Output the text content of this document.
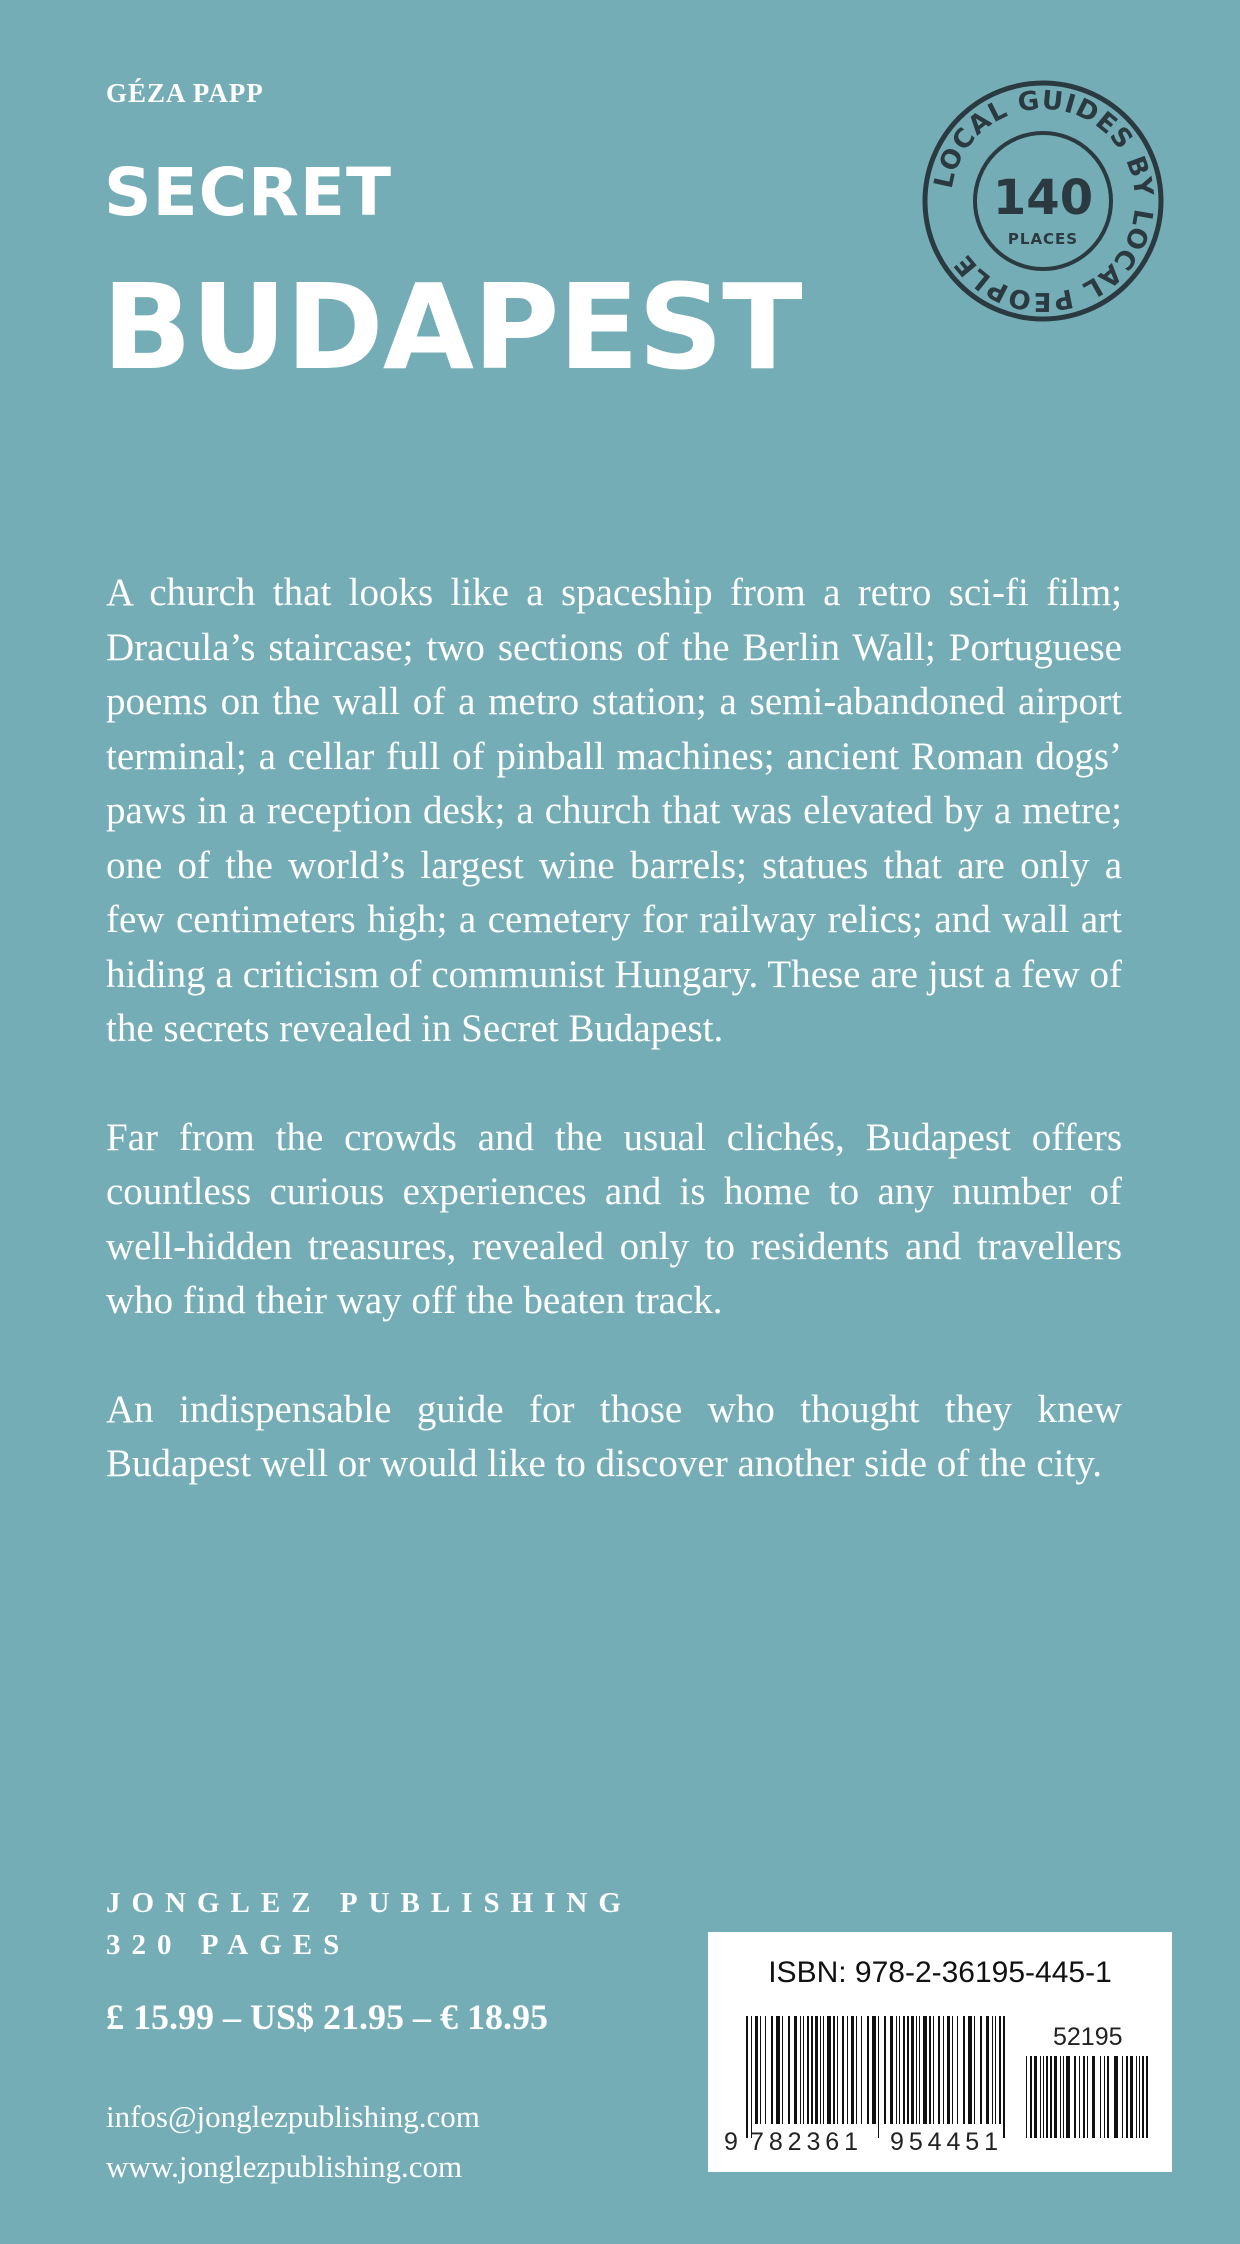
GÉZA PAPP
SECRET
BUDAPEST
LOCAL GUIDES BY LOCAL PEOPLE
140
PLACES

A church that looks like a spaceship from a retro sci-fi film; Dracula’s staircase; two sections of the Berlin Wall; Portuguese poems on the wall of a metro station; a semi-abandoned airport terminal; a cellar full of pinball machines; ancient Roman dogs’ paws in a reception desk; a church that was elevated by a metre; one of the world’s largest wine barrels; statues that are only a few centimeters high; a cemetery for railway relics; and wall art hiding a criticism of communist Hungary. These are just a few of the secrets revealed in Secret Budapest.

Far from the crowds and the usual clichés, Budapest offers countless curious experiences and is home to any number of well-hidden treasures, revealed only to residents and travellers who find their way off the beaten track.

An indispensable guide for those who thought they knew Budapest well or would like to discover another side of the city.

JONGLEZ PUBLISHING
320 PAGES
£ 15.99 – US$ 21.95 – € 18.95
infos@jonglezpublishing.com
www.jonglezpublishing.com
ISBN: 978-2-36195-445-1
9 782361 954451
52195
